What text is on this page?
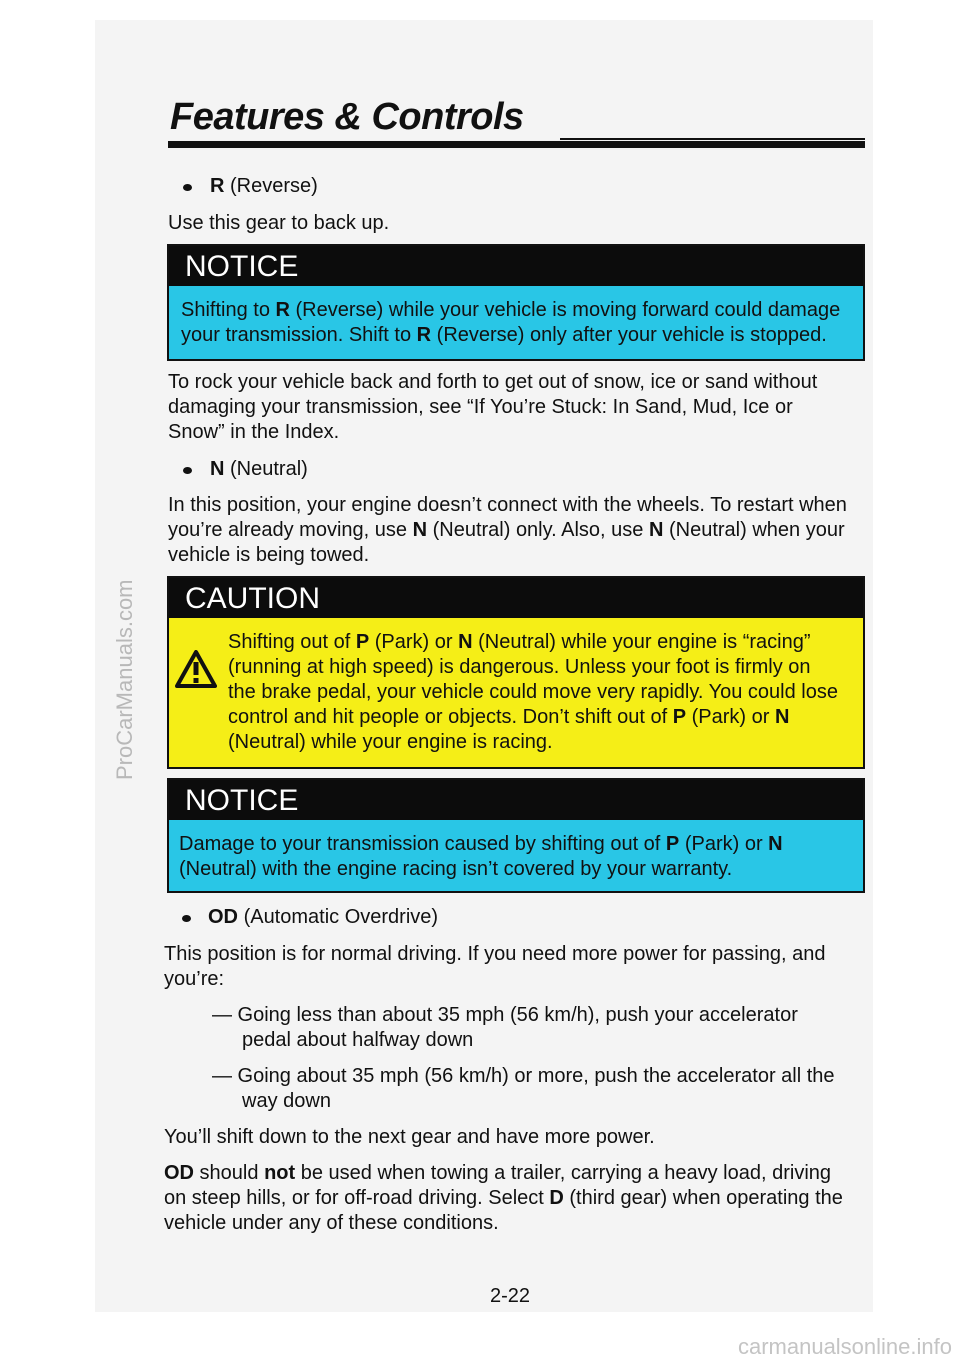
ProCarManuals.com
Features & Controls
R (Reverse)
Use this gear to back up.
NOTICE
Shifting to R (Reverse) while your vehicle is moving forward could damage
your transmission. Shift to R (Reverse) only after your vehicle is stopped.
To rock your vehicle back and forth to get out of snow, ice or sand without
damaging your transmission, see “If You’re Stuck: In Sand, Mud, Ice or
Snow” in the Index.
N (Neutral)
In this position, your engine doesn’t connect with the wheels. To restart when
you’re already moving, use N (Neutral) only. Also, use N (Neutral) when your
vehicle is being towed.
CAUTION
Shifting out of P (Park) or N (Neutral) while your engine is “racing”
(running at high speed) is dangerous. Unless your foot is firmly on
the brake pedal, your vehicle could move very rapidly. You could lose
control and hit people or objects. Don’t shift out of P (Park) or N
(Neutral) while your engine is racing.
NOTICE
Damage to your transmission caused by shifting out of P (Park) or N
(Neutral) with the engine racing isn’t covered by your warranty.
OD (Automatic Overdrive)
This position is for normal driving. If you need more power for passing, and
you’re:
— Going less than about 35 mph (56 km/h), push your accelerator
pedal about halfway down
— Going about 35 mph (56 km/h) or more, push the accelerator all the
way down
You’ll shift down to the next gear and have more power.
OD should not be used when towing a trailer, carrying a heavy load, driving
on steep hills, or for off-road driving. Select D (third gear) when operating the
vehicle under any of these conditions.
2-22
carmanualsonline.info
